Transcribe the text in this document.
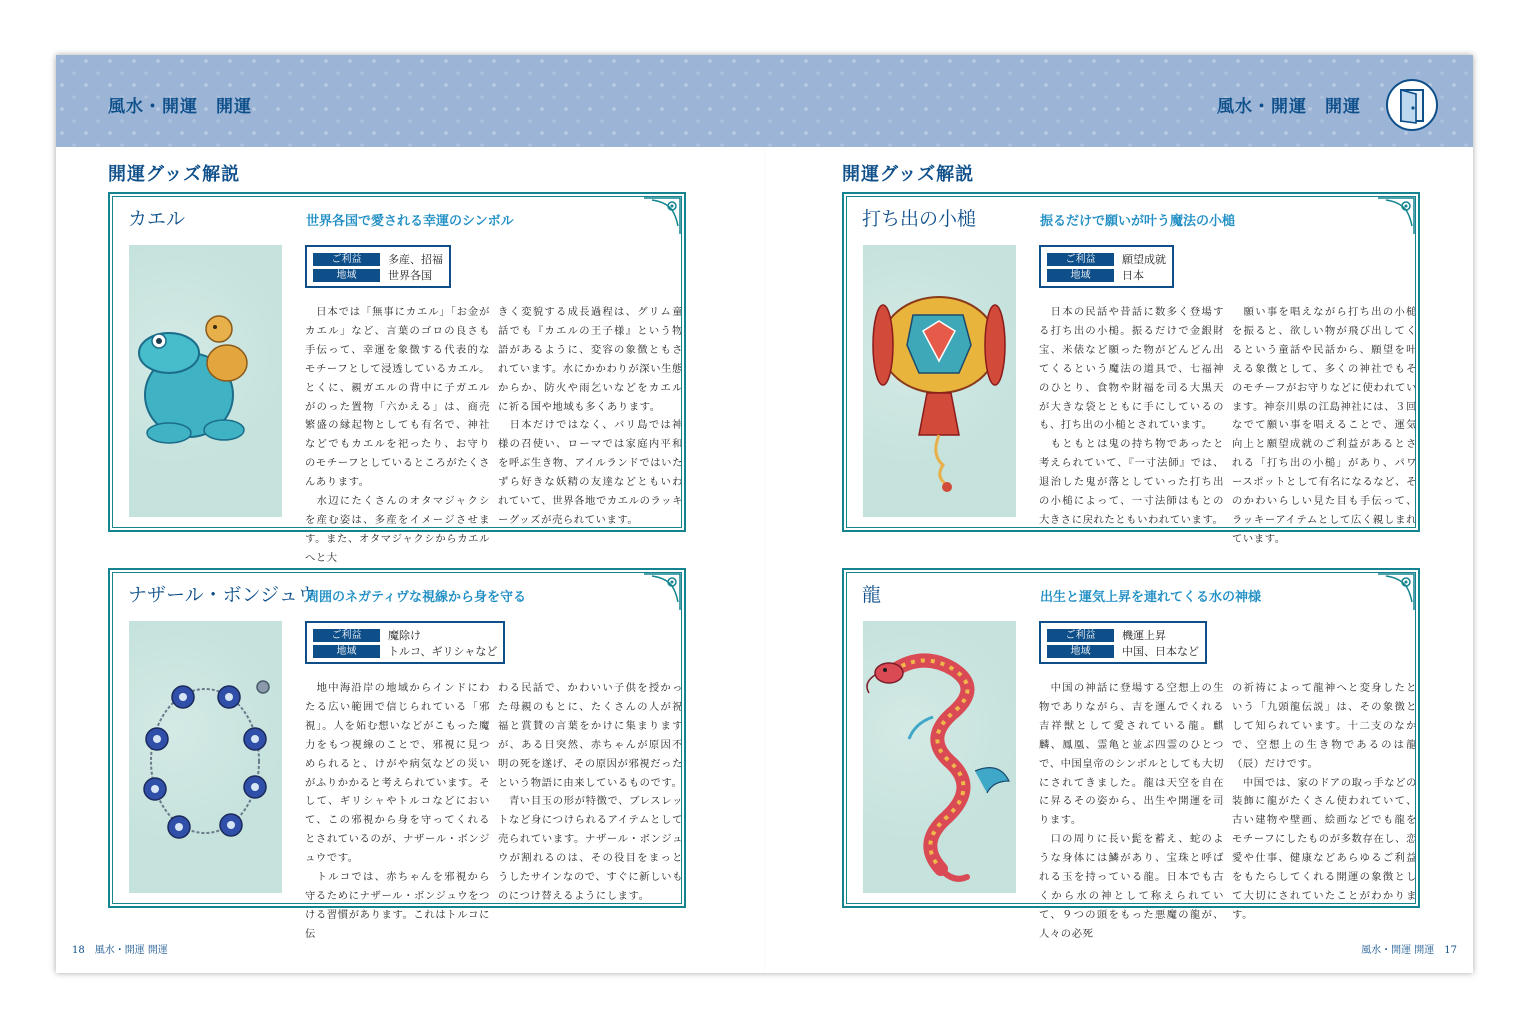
風水・開運　開運	風水・開運　開運
開運グッズ解説	開運グッズ解説
カエル	世界各国で愛される幸運のシンボル
ご利益	多産、招福
地域	世界各国
　日本では「無事にカエル」「お金がカエル」など、言葉のゴロの良さも手伝って、幸運を象徴する代表的なモチーフとして浸透しているカエル。とくに、親ガエルの背中に子ガエルがのった置物「六かえる」は、商売繁盛の縁起物としても有名で、神社などでもカエルを祀ったり、お守りのモチーフとしているところがたくさんあります。
　水辺にたくさんのオタマジャクシを産む姿は、多産をイメージさせます。また、オタマジャクシからカエルへと大
きく変貌する成長過程は、グリム童話でも『カエルの王子様』という物語があるように、変容の象徴ともされています。水にかかわりが深い生態からか、防火や雨乞いなどをカエルに祈る国や地域も多くあります。
　日本だけではなく、バリ島では神様の召使い、ローマでは家庭内平和を呼ぶ生き物、アイルランドではいたずら好きな妖精の友達などともいわれていて、世界各地でカエルのラッキーグッズが売られています。
打ち出の小槌	振るだけで願いが叶う魔法の小槌
ご利益	願望成就
地域	日本
　日本の民話や昔話に数多く登場する打ち出の小槌。振るだけで金銀財宝、米俵など願った物がどんどん出てくるという魔法の道具で、七福神のひとり、食物や財福を司る大黒天が大きな袋とともに手にしているのも、打ち出の小槌とされています。
　もともとは鬼の持ち物であったと考えられていて、『一寸法師』では、退治した鬼が落としていった打ち出の小槌によって、一寸法師はもとの大きさに戻れたともいわれています。
　願い事を唱えながら打ち出の小槌を振ると、欲しい物が飛び出してくるという童話や民話から、願望を叶える象徴として、多くの神社でもそのモチーフがお守りなどに使われています。神奈川県の江島神社には、３回なでて願い事を唱えることで、運気向上と願望成就のご利益があるとされる「打ち出の小槌」があり、パワースポットとして有名になるなど、そのかわいらしい見た目も手伝って、ラッキーアイテムとして広く親しまれています。
ナザール・ボンジュウ
周囲のネガティヴな視線から身を守る
ご利益	魔除け
地域	トルコ、ギリシャなど
　地中海沿岸の地域からインドにわたる広い範囲で信じられている「邪視」。人を妬む想いなどがこもった魔力をもつ視線のことで、邪視に見つめられると、けがや病気などの災いがふりかかると考えられています。そして、ギリシャやトルコなどにおいて、この邪視から身を守ってくれるとされているのが、ナザール・ボンジュウです。
　トルコでは、赤ちゃんを邪視から守るためにナザール・ボンジュウをつける習慣があります。これはトルコに伝
わる民話で、かわいい子供を授かった母親のもとに、たくさんの人が祝福と賞賛の言葉をかけに集まりますが、ある日突然、赤ちゃんが原因不明の死を遂げ、その原因が邪視だったという物語に由来しているものです。
　青い目玉の形が特徴で、ブレスレットなど身につけられるアイテムとして売られています。ナザール・ボンジュウが割れるのは、その役目をまっとうしたサインなので、すぐに新しいものにつけ替えるようにします。
龍	出生と運気上昇を連れてくる水の神様
ご利益	機運上昇
地域	中国、日本など
　中国の神話に登場する空想上の生物でありながら、吉を運んでくれる吉祥獣として愛されている龍。麒麟、鳳凰、霊亀と並ぶ四霊のひとつで、中国皇帝のシンボルとしても大切にされてきました。龍は天空を自在に昇るその姿から、出生や開運を司ります。
　口の周りに長い髭を蓄え、蛇のような身体には鱗があり、宝珠と呼ばれる玉を持っている龍。日本でも古くから水の神として称えられていて、９つの頭をもった悪魔の龍が、人々の必死
の祈祷によって龍神へと変身したという「九頭龍伝説」は、その象徴として知られています。十二支のなかで、空想上の生き物であるのは龍（辰）だけです。
　中国では、家のドアの取っ手などの装飾に龍がたくさん使われていて、古い建物や壁画、絵画などでも龍をモチーフにしたものが多数存在し、恋愛や仕事、健康などあらゆるご利益をもたらしてくれる開運の象徴として大切にされていたことがわかります。
18　風水・開運 開運	風水・開運 開運　17
